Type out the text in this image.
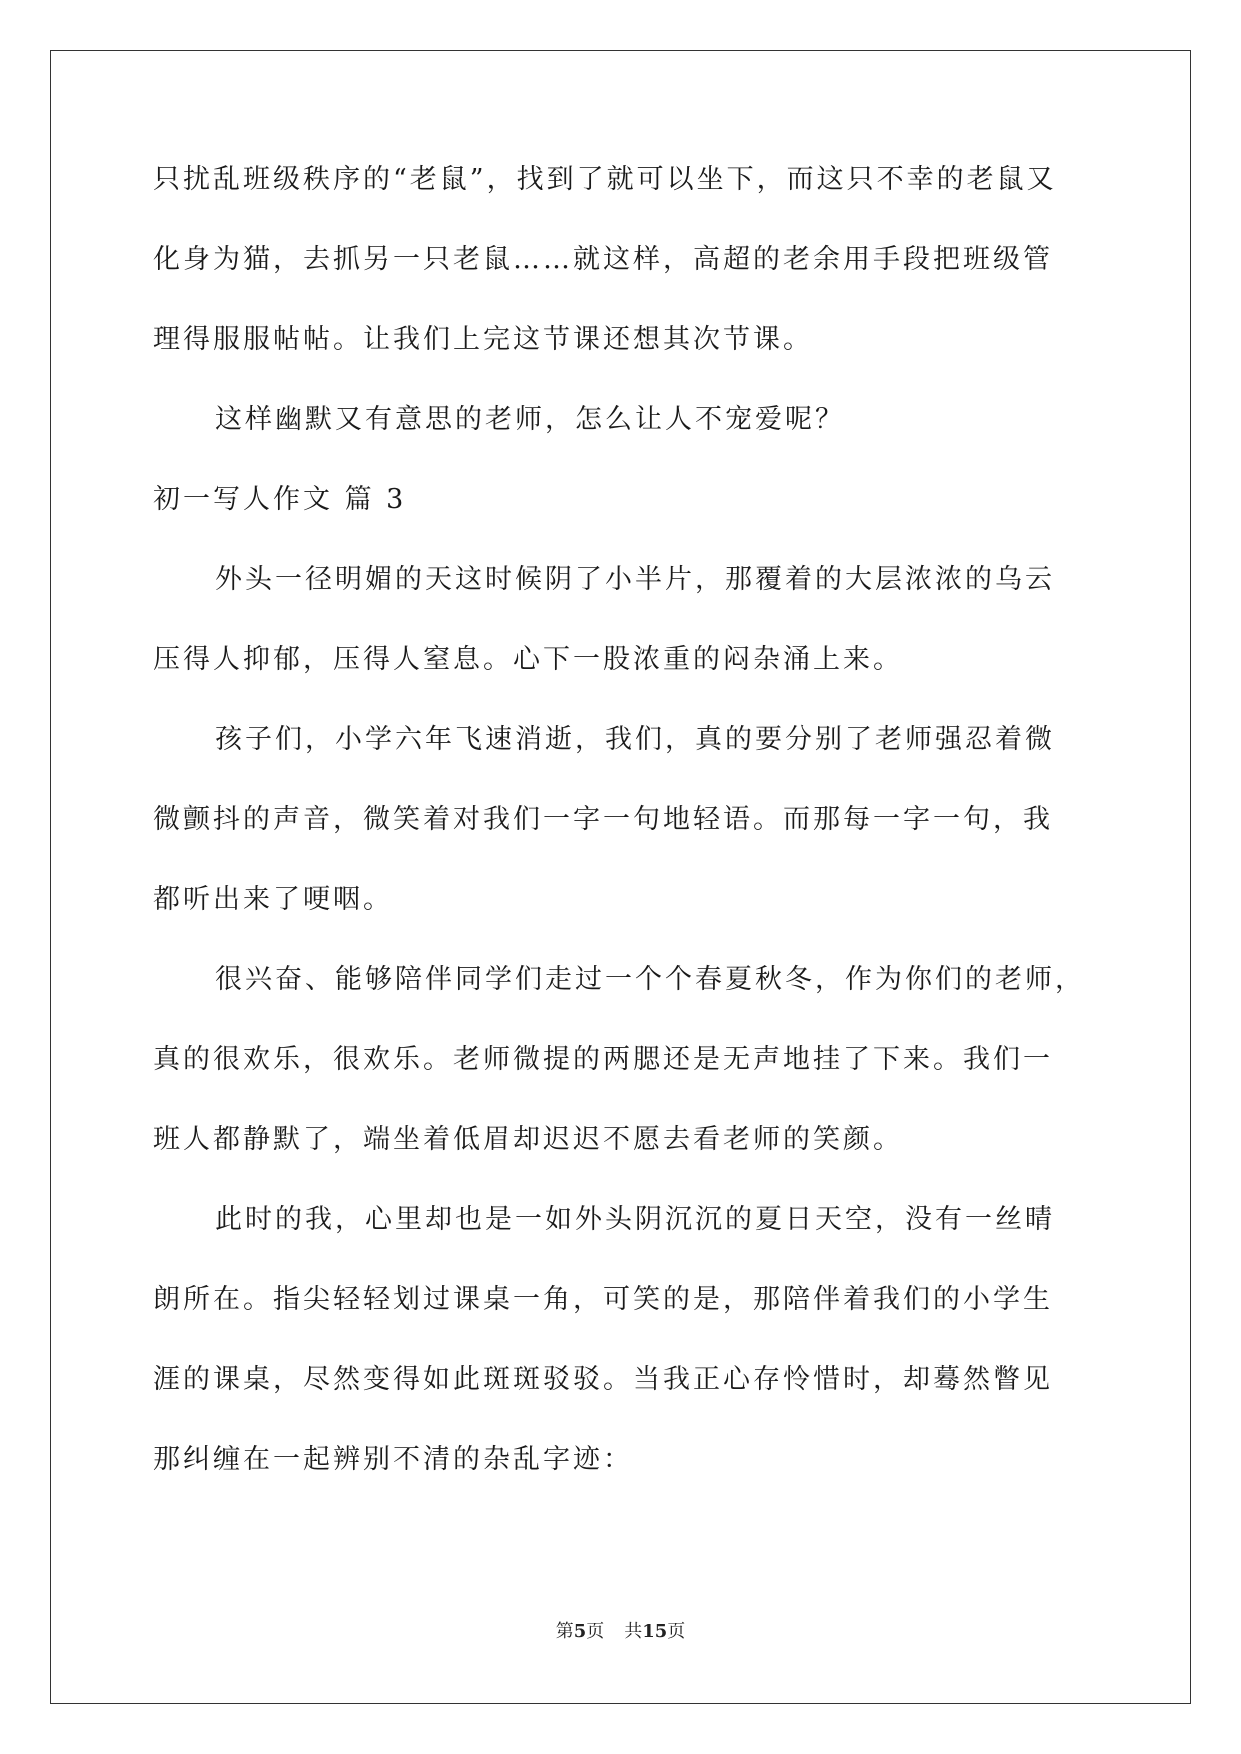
只扰乱班级秩序的“老鼠”，找到了就可以坐下，而这只不幸的老鼠又
化身为猫，去抓另一只老鼠……就这样，高超的老余用手段把班级管
理得服服帖帖。让我们上完这节课还想其次节课。
这样幽默又有意思的老师，怎么让人不宠爱呢？
初一写人作文 篇 3
外头一径明媚的天这时候阴了小半片，那覆着的大层浓浓的乌云
压得人抑郁，压得人窒息。心下一股浓重的闷杂涌上来。
孩子们，小学六年飞速消逝，我们，真的要分别了老师强忍着微
微颤抖的声音，微笑着对我们一字一句地轻语。而那每一字一句，我
都听出来了哽咽。
很兴奋、能够陪伴同学们走过一个个春夏秋冬，作为你们的老师，
真的很欢乐，很欢乐。老师微提的两腮还是无声地挂了下来。我们一
班人都静默了，端坐着低眉却迟迟不愿去看老师的笑颜。
此时的我，心里却也是一如外头阴沉沉的夏日天空，没有一丝晴
朗所在。指尖轻轻划过课桌一角，可笑的是，那陪伴着我们的小学生
涯的课桌，尽然变得如此斑斑驳驳。当我正心存怜惜时，却蓦然瞥见
那纠缠在一起辨别不清的杂乱字迹：
第5页 共15页
